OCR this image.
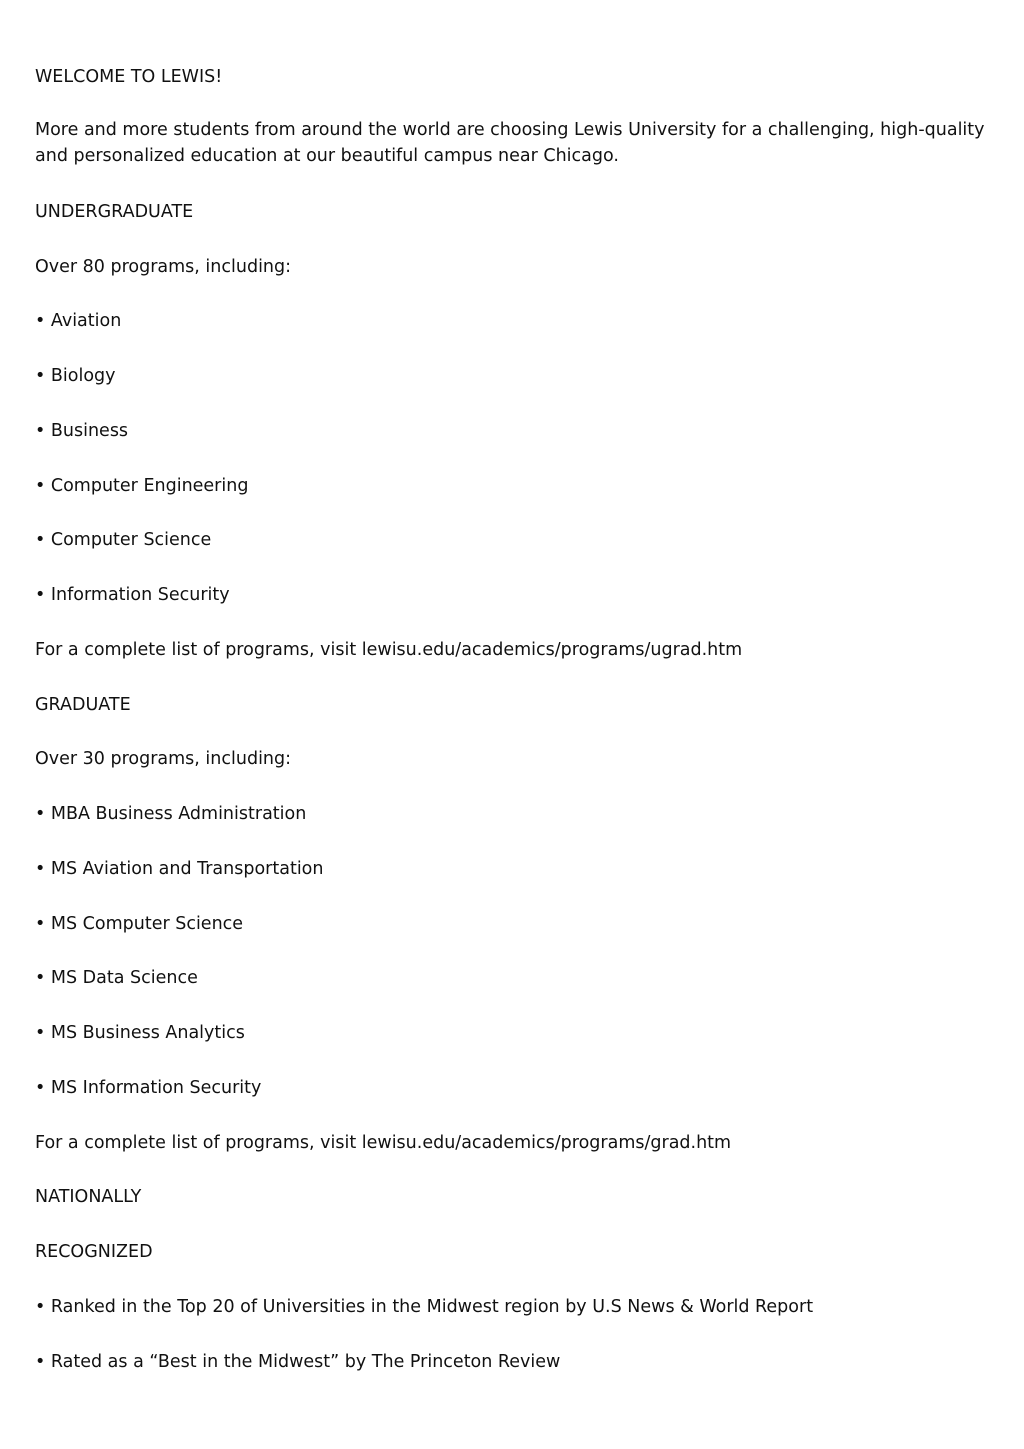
WELCOME TO LEWIS!

More and more students from around the world are choosing Lewis University for a challenging, high-quality and personalized education at our beautiful campus near Chicago.

UNDERGRADUATE

Over 80 programs, including:

• Aviation

• Biology

• Business

• Computer Engineering

• Computer Science

• Information Security

For a complete list of programs, visit lewisu.edu/academics/programs/ugrad.htm

GRADUATE

Over 30 programs, including:

• MBA Business Administration

• MS Aviation and Transportation

• MS Computer Science

• MS Data Science

• MS Business Analytics

• MS Information Security

For a complete list of programs, visit lewisu.edu/academics/programs/grad.htm

NATIONALLY

RECOGNIZED

• Ranked in the Top 20 of Universities in the Midwest region by U.S News & World Report

• Rated as a “Best in the Midwest” by The Princeton Review
